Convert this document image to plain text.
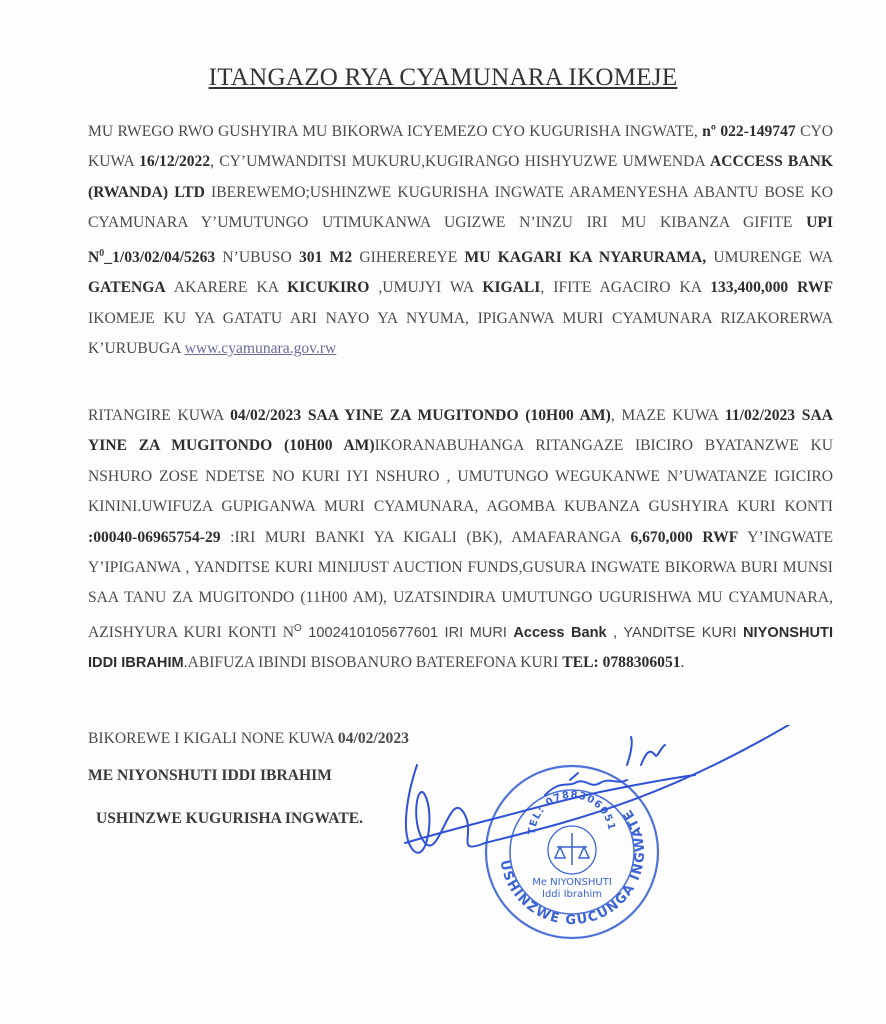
ITANGAZO RYA CYAMUNARA IKOMEJE
MU RWEGO RWO GUSHYIRA MU BIKORWA ICYEMEZO CYO KUGURISHA INGWATE, nº 022-149747 CYO KUWA 16/12/2022, CY’UMWANDITSI MUKURU,KUGIRANGO HISHYUZWE UMWENDA ACCCESS BANK (RWANDA) LTD IBEREWEMO;USHINZWE KUGURISHA INGWATE ARAMENYESHA ABANTU BOSE KO CYAMUNARA Y’UMUTUNGO UTIMUKANWA UGIZWE N’INZU IRI MU KIBANZA GIFITE UPI $N^0\_1/03/02/04/5263$ N’UBUSO 301 M2 GIHEREREYE MU KAGARI KA NYARURAMA, UMURENGE WA GATENGA AKARERE KA KICUKIRO ,UMUJYI WA KIGALI, IFITE AGACIRO KA 133,400,000 RWF IKOMEJE KU YA GATATU ARI NAYO YA NYUMA, IPIGANWA MURI CYAMUNARA RIZAKORERWA K’URUBUGA www.cyamunara.gov.rw
RITANGIRE KUWA 04/02/2023 SAA YINE ZA MUGITONDO (10H00 AM), MAZE KUWA 11/02/2023 SAA YINE ZA MUGITONDO (10H00 AM)IKORANABUHANGA RITANGAZE IBICIRO BYATANZWE KU NSHURO ZOSE NDETSE NO KURI IYI NSHURO , UMUTUNGO WEGUKANWE N’UWATANZE IGICIRO KININI.UWIFUZA GUPIGANWA MURI CYAMUNARA, AGOMBA KUBANZA GUSHYIRA KURI KONTI :00040-06965754-29 :IRI MURI BANKI YA KIGALI (BK), AMAFARANGA 6,670,000 RWF Y’INGWATE Y’IPIGANWA , YANDITSE KURI MINIJUST AUCTION FUNDS,GUSURA INGWATE BIKORWA BURI MUNSI SAA TANU ZA MUGITONDO (11H00 AM), UZATSINDIRA UMUTUNGO UGURISHWA MU CYAMUNARA, AZISHYURA KURI KONTI $N^O$ 1002410105677601 IRI MURI Access Bank , YANDITSE KURI NIYONSHUTI IDDI IBRAHIM.ABIFUZA IBINDI BISOBANURO BATEREFONA KURI TEL: 0788306051.
BIKOREWE I KIGALI NONE KUWA 04/02/2023
ME NIYONSHUTI IDDI IBRAHIM
USHINZWE KUGURISHA INGWATE.
USHINZWE GUCUNGA INGWATE
TEL: 0788306051
Me NIYONSHUTI
Iddi Ibrahim
